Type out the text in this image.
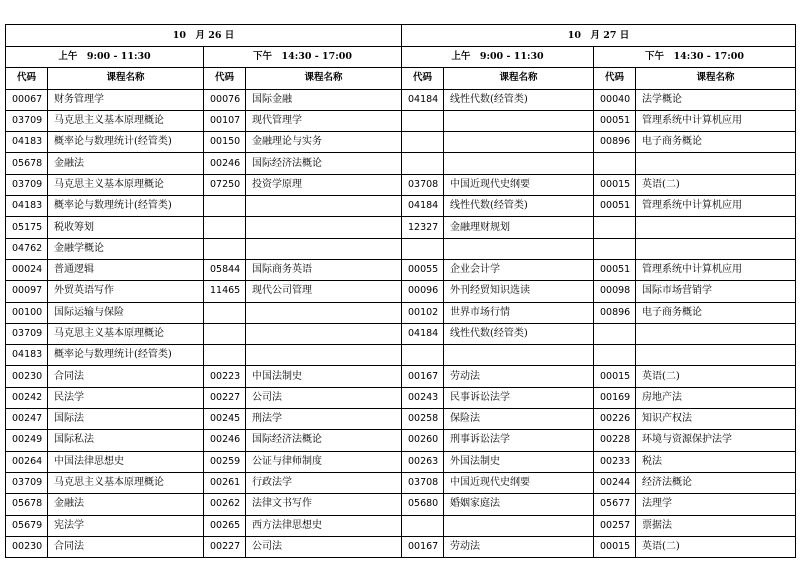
10　月 26 日				10　月 27 日			
上午　9:00 - 11:30		下午　14:30 - 17:00		上午　9:00 - 11:30		下午　14:30 - 17:00	
代码	课程名称	代码	课程名称	代码	课程名称	代码	课程名称
00067	财务管理学	00076	国际金融	04184	线性代数(经管类)	00040	法学概论
03709	马克思主义基本原理概论	00107	现代管理学			00051	管理系统中计算机应用
04183	概率论与数理统计(经管类)	00150	金融理论与实务			00896	电子商务概论
05678	金融法	00246	国际经济法概论				
03709	马克思主义基本原理概论	07250	投资学原理	03708	中国近现代史纲要	00015	英语(二)
04183	概率论与数理统计(经管类)			04184	线性代数(经管类)	00051	管理系统中计算机应用
05175	税收筹划			12327	金融理财规划		
04762	金融学概论						
00024	普通逻辑	05844	国际商务英语	00055	企业会计学	00051	管理系统中计算机应用
00097	外贸英语写作	11465	现代公司管理	00096	外刊经贸知识选读	00098	国际市场营销学
00100	国际运输与保险			00102	世界市场行情	00896	电子商务概论
03709	马克思主义基本原理概论			04184	线性代数(经管类)		
04183	概率论与数理统计(经管类)						
00230	合同法	00223	中国法制史	00167	劳动法	00015	英语(二)
00242	民法学	00227	公司法	00243	民事诉讼法学	00169	房地产法
00247	国际法	00245	刑法学	00258	保险法	00226	知识产权法
00249	国际私法	00246	国际经济法概论	00260	刑事诉讼法学	00228	环境与资源保护法学
00264	中国法律思想史	00259	公证与律师制度	00263	外国法制史	00233	税法
03709	马克思主义基本原理概论	00261	行政法学	03708	中国近现代史纲要	00244	经济法概论
05678	金融法	00262	法律文书写作	05680	婚姻家庭法	05677	法理学
05679	宪法学	00265	西方法律思想史			00257	票据法
00230	合同法	00227	公司法	00167	劳动法	00015	英语(二)
